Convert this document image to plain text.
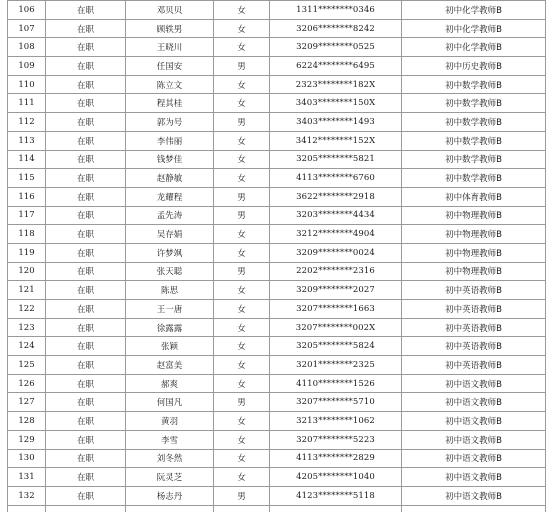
106	在职	邓贝贝	女	1311********0346	初中化学教师B
107	在职	顾轶男	女	3206********8242	初中化学教师B
108	在职	王晓川	女	3209********0525	初中化学教师B
109	在职	任国安	男	6224********6495	初中历史教师B
110	在职	陈立文	女	2323********182X	初中数学教师B
111	在职	程其桂	女	3403********150X	初中数学教师B
112	在职	郭为号	男	3403********1493	初中数学教师B
113	在职	李伟丽	女	3412********152X	初中数学教师B
114	在职	钱梦佳	女	3205********5821	初中数学教师B
115	在职	赵静敏	女	4113********6760	初中数学教师B
116	在职	龙耀程	男	3622********2918	初中体育教师B
117	在职	孟先涛	男	3203********4434	初中物理教师B
118	在职	吴存娟	女	3212********4904	初中物理教师B
119	在职	许梦飒	女	3209********0024	初中物理教师B
120	在职	张天聪	男	2202********2316	初中物理教师B
121	在职	陈思	女	3209********2027	初中英语教师B
122	在职	王一唐	女	3207********1663	初中英语教师B
123	在职	徐露露	女	3207********002X	初中英语教师B
124	在职	张颖	女	3205********5824	初中英语教师B
125	在职	赵富美	女	3201********2325	初中英语教师B
126	在职	郝爽	女	4110********1526	初中语文教师B
127	在职	何国凡	男	3207********5710	初中语文教师B
128	在职	黄羽	女	3213********1062	初中语文教师B
129	在职	李雪	女	3207********5223	初中语文教师B
130	在职	刘冬然	女	4113********2829	初中语文教师B
131	在职	阮灵芝	女	4205********1040	初中语文教师B
132	在职	杨志丹	男	4123********5118	初中语文教师B
